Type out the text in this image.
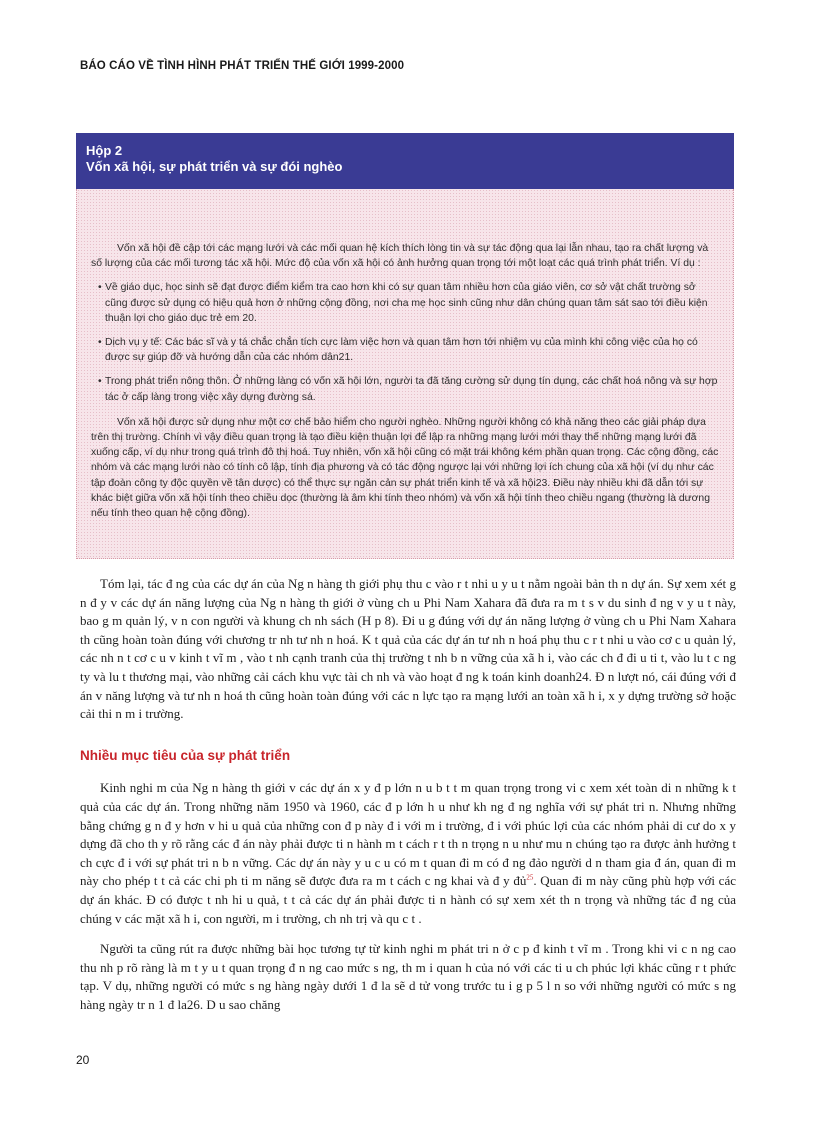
BÁO CÁO VỀ TÌNH HÌNH PHÁT TRIỂN THẾ GIỚI 1999-2000
Hộp 2
Vốn xã hội, sự phát triển và sự đói nghèo

Vốn xã hội đề cập tới các mạng lưới và các mối quan hệ kích thích lòng tin và sự tác động qua lại lẫn nhau, tạo ra chất lượng và số lượng của các mối tương tác xã hội. Mức độ của vốn xã hội có ảnh hưởng quan trọng tới một loạt các quá trình phát triển. Ví dụ :

• Về giáo dục, học sinh sẽ đạt được điểm kiểm tra cao hơn khi có sự quan tâm nhiều hơn của giáo viên, cơ sở vật chất trường sở cũng được sử dụng có hiệu quả hơn ở những cộng đồng, nơi cha mẹ học sinh cũng như dân chúng quan tâm sát sao tới điều kiện thuận lợi cho giáo dục trẻ em 20.

• Dịch vụ y tế: Các bác sĩ và y tá chắc chắn tích cực làm việc hơn và quan tâm hơn tới nhiệm vụ của mình khi công việc của họ có được sự giúp đỡ và hướng dẫn của các nhóm dân21.

• Trong phát triển nông thôn. Ở những làng có vốn xã hội lớn, người ta đã tăng cường sử dụng tín dụng, các chất hoá nông và sự hợp tác ở cấp làng trong việc xây dựng đường sá.

Vốn xã hội được sử dụng như một cơ chế bảo hiểm cho người nghèo. Những người không có khả năng theo các giải pháp dựa trên thị trường. Chính vì vậy điều quan trọng là tạo điều kiện thuận lợi để lập ra những mạng lưới mới thay thế những mạng lưới đã xuống cấp, ví dụ như trong quá trình đô thị hoá. Tuy nhiên, vốn xã hội cũng có mặt trái không kém phần quan trọng. Các cộng đồng, các nhóm và các mạng lưới nào có tính cô lập, tính địa phương và có tác động ngược lại với những lợi ích chung của xã hội (ví dụ như các tập đoàn công ty độc quyền về tân dược) có thể thực sự ngăn cản sự phát triển kinh tế và xã hội23. Điều này nhiều khi đã dẫn tới sự khác biệt giữa vốn xã hội tính theo chiều dọc (thường là âm khi tính theo nhóm) và vốn xã hội tính theo chiều ngang (thường là dương nếu tính theo quan hệ cộng đồng).

Tóm lại, tác đ ng của các dự án của Ng n hàng th giới phụ thu c vào r t nhi u y u t nằm ngoài bản th n dự án. Sự xem xét g n đ y v các dự án năng lượng của Ng n hàng th giới ở vùng ch u Phi Nam Xahara đã đưa ra m t s v du sinh đ ng v y u t này, bao g m quản lý, v n con người và khung ch nh sách (H p 8). Đi u g đúng với dự án năng lượng ở vùng ch u Phi Nam Xahara th cũng hoàn toàn đúng với chương tr nh tư nh n hoá. K t quả của các dự án tư nh n hoá phụ thu c r t nhi u vào cơ c u quản lý, các nh n t cơ c u v kinh t vĩ m , vào t nh cạnh tranh của thị trường t nh b n vững của xã h i, vào các ch đ đi u ti t, vào lu t c ng ty và lu t thương mại, vào những cải cách khu vực tài ch nh và vào hoạt đ ng k toán kinh doanh24. Đ n lượt nó, cái đúng với đ án v năng lượng và tư nh n hoá th cũng hoàn toàn đúng với các n lực tạo ra mạng lưới an toàn xã h i, x y dựng trường sở hoặc cải thi n m i trường.

Nhiều mục tiêu của sự phát triển

Kinh nghi m của Ng n hàng th giới v các dự án x y đ p lớn n u b t t m quan trọng trong vi c xem xét toàn di n những k t quả của các dự án. Trong những năm 1950 và 1960, các đ p lớn h u như kh ng đ ng nghĩa với sự phát tri n. Nhưng những bằng chứng g n đ y hơn v hi u quả của những con đ p này đ i với m i trường, đ i với phúc lợi của các nhóm phải di cư do x y dựng đã cho th y rõ rằng các đ án này phải được ti n hành m t cách r t th n trọng n u như mu n chúng tạo ra được ảnh hưởng t ch cực đ i với sự phát tri n b n vững. Các dự án này y u c u có m t quan đi m có đ ng đảo người d n tham gia đ án, quan đi m này cho phép t t cả các chi ph ti m năng sẽ được đưa ra m t cách c ng khai và đ y đủ$^{25}$. Quan đi m này cũng phù hợp với các dự án khác. Đ có được t nh hi u quả, t t cả các dự án phải được ti n hành có sự xem xét th n trọng và những tác đ ng của chúng v các mặt xã h i, con người, m i trường, ch nh trị và qu c t .

Người ta cũng rút ra được những bài học tương tự từ kinh nghi m phát tri n ở c p đ kinh t vĩ m . Trong khi vi c n ng cao thu nh p rõ ràng là m t y u t quan trọng đ n ng cao mức s ng, th m i quan h của nó với các ti u ch phúc lợi khác cũng r t phức tạp. V dụ, những người có mức s ng hàng ngày dưới 1 đ la sẽ d tử vong trước tu i g p 5 l n so với những người có mức s ng hàng ngày tr n 1 đ la26. D u sao chăng

20
